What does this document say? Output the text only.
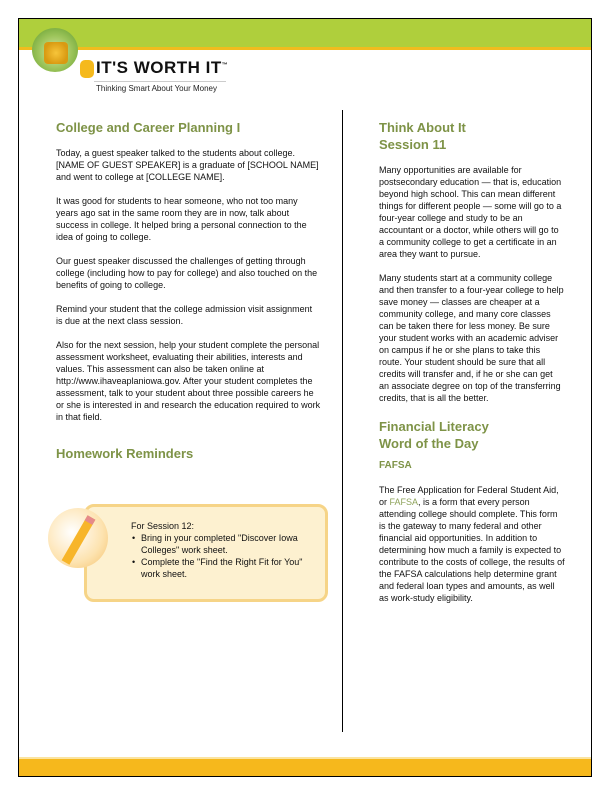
IT'S WORTH IT™
Thinking Smart About Your Money
College and Career Planning I

Today, a guest speaker talked to the students about college. [NAME OF GUEST SPEAKER] is a graduate of [SCHOOL NAME] and went to college at [COLLEGE NAME].

It was good for students to hear someone, who not too many years ago sat in the same room they are in now, talk about success in college. It helped bring a personal connection to the idea of going to college.

Our guest speaker discussed the challenges of getting through college (including how to pay for college) and also touched on the benefits of going to college.

Remind your student that the college admission visit assignment is due at the next class session.

Also for the next session, help your student complete the personal assessment worksheet, evaluating their abilities, interests and values. This assessment can also be taken online at http://www.ihaveaplaniowa.gov. After your student completes the assessment, talk to your student about three possible careers he or she is interested in and research the education required to work in that field.

Homework Reminders

For Session 12:

• Bring in your completed "Discover Iowa Colleges" work sheet.
• Complete the "Find the Right Fit for You" work sheet.
Think About It
Session 11

Many opportunities are available for postsecondary education — that is, education beyond high school. This can mean different things for different people — some will go to a four-year college and study to be an accountant or a doctor, while others will go to a community college to get a certificate in an area they want to pursue.

Many students start at a community college and then transfer to a four-year college to help save money — classes are cheaper at a community college, and many core classes can be taken there for less money. Be sure your student works with an academic adviser on campus if he or she plans to take this route. Your student should be sure that all credits will transfer and, if he or she can get an associate degree on top of the transferring credits, that is all the better.

Financial Literacy
Word of the Day

FAFSA

The Free Application for Federal Student Aid, or FAFSA, is a form that every person attending college should complete. This form is the gateway to many federal and other financial aid opportunities. In addition to determining how much a family is expected to contribute to the costs of college, the results of the FAFSA calculations help determine grant and federal loan types and amounts, as well as work-study eligibility.
